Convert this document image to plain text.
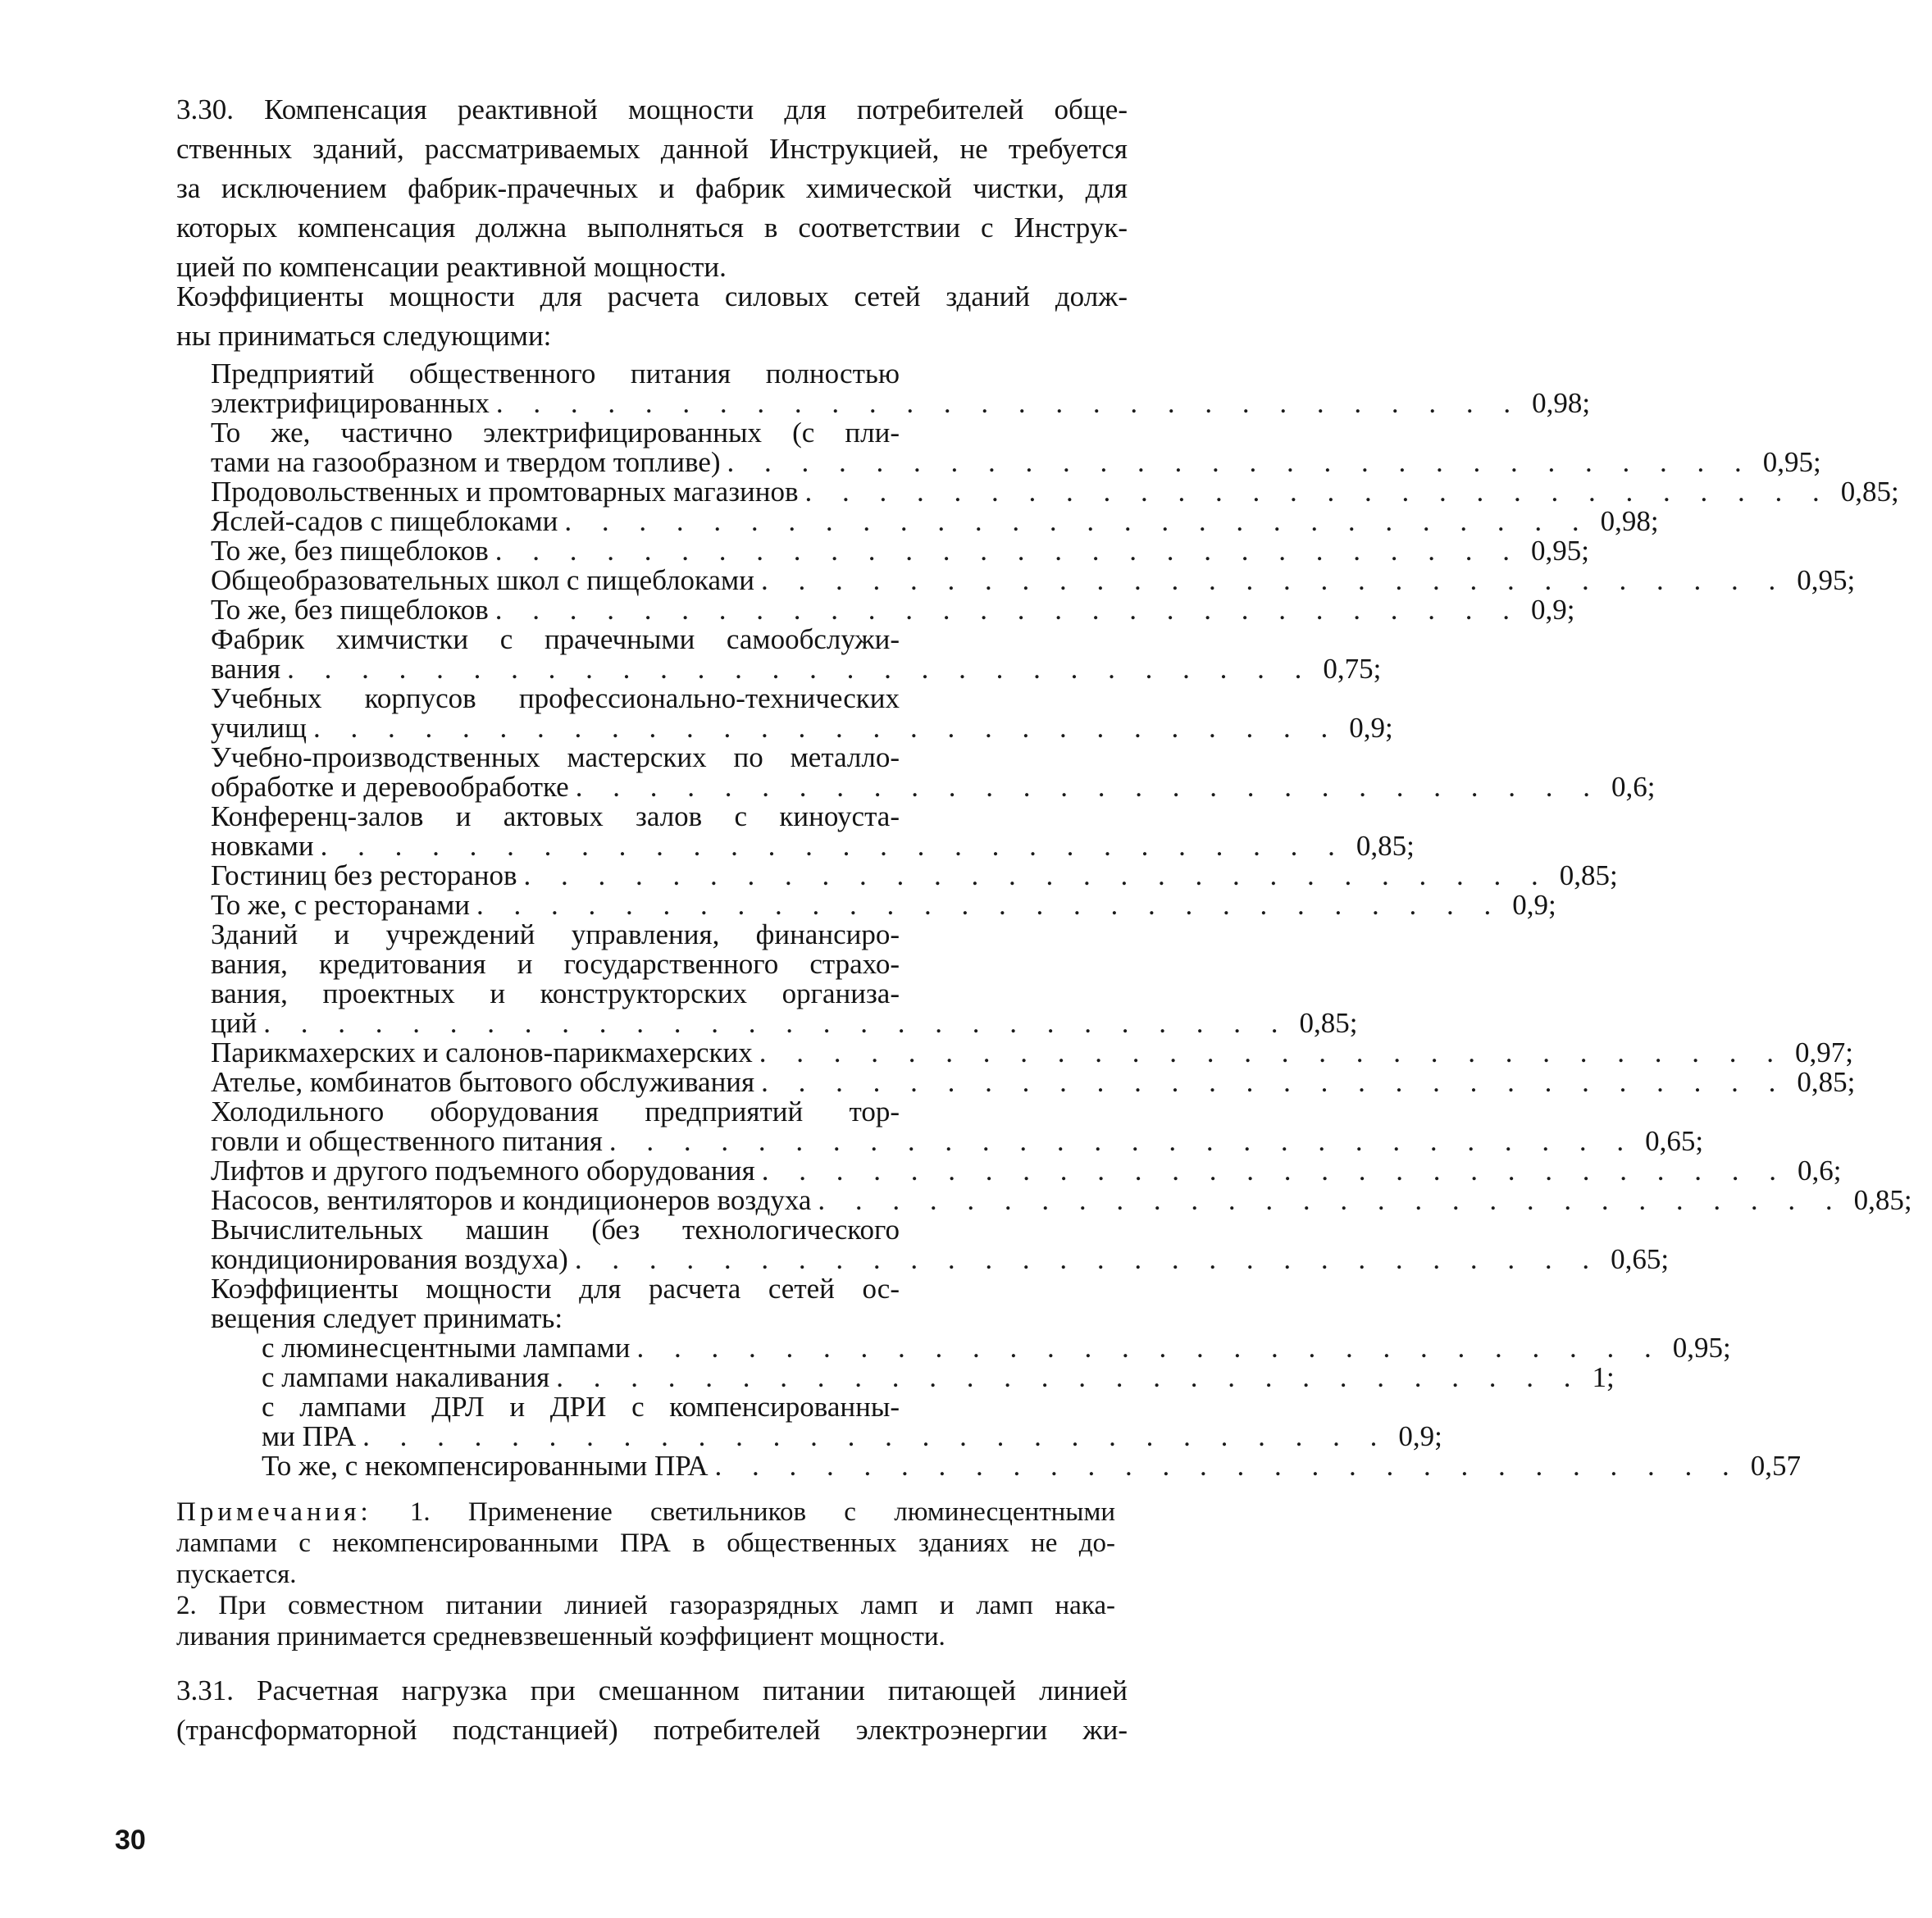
3.30. Компенсация реактивной мощности для потребителей обще-
ственных зданий, рассматриваемых данной Инструкцией, не требуется
за исключением фабрик-прачечных и фабрик химической чистки, для
которых компенсация должна выполняться в соответствии с Инструк-
цией по компенсации реактивной мощности.
Коэффициенты мощности для расчета силовых сетей зданий долж-
ны приниматься следующими:
Предприятий общественного питания полностью
электрифицированных . . . . . . . . . . . . . . . . . . . . . . . . . . . . 0,98;
То же, частично электрифицированных (с пли-
тами на газообразном и твердом топливе) . . . . . . . . . . . . . . . . . . . . . . . . . . . . 0,95;
Продовольственных и промтоварных магазинов . . . . . . . . . . . . . . . . . . . . . . . . . . . . 0,85;
Яслей-садов с пищеблоками . . . . . . . . . . . . . . . . . . . . . . . . . . . . 0,98;
То же, без пищеблоков . . . . . . . . . . . . . . . . . . . . . . . . . . . . 0,95;
Общеобразовательных школ с пищеблоками . . . . . . . . . . . . . . . . . . . . . . . . . . . . 0,95;
То же, без пищеблоков . . . . . . . . . . . . . . . . . . . . . . . . . . . . 0,9;
Фабрик химчистки с прачечными самообслужи-
вания . . . . . . . . . . . . . . . . . . . . . . . . . . . . 0,75;
Учебных корпусов профессионально-технических
училищ . . . . . . . . . . . . . . . . . . . . . . . . . . . . 0,9;
Учебно-производственных мастерских по металло-
обработке и деревообработке . . . . . . . . . . . . . . . . . . . . . . . . . . . . 0,6;
Конференц-залов и актовых залов с киноуста-
новками . . . . . . . . . . . . . . . . . . . . . . . . . . . . 0,85;
Гостиниц без ресторанов . . . . . . . . . . . . . . . . . . . . . . . . . . . . 0,85;
То же, с ресторанами . . . . . . . . . . . . . . . . . . . . . . . . . . . . 0,9;
Зданий и учреждений управления, финансиро-
вания, кредитования и государственного страхо-
вания, проектных и конструкторских организа-
ций . . . . . . . . . . . . . . . . . . . . . . . . . . . . 0,85;
Парикмахерских и салонов-парикмахерских . . . . . . . . . . . . . . . . . . . . . . . . . . . . 0,97;
Ателье, комбинатов бытового обслуживания . . . . . . . . . . . . . . . . . . . . . . . . . . . . 0,85;
Холодильного оборудования предприятий тор-
говли и общественного питания . . . . . . . . . . . . . . . . . . . . . . . . . . . . 0,65;
Лифтов и другого подъемного оборудования . . . . . . . . . . . . . . . . . . . . . . . . . . . . 0,6;
Насосов, вентиляторов и кондиционеров воздуха . . . . . . . . . . . . . . . . . . . . . . . . . . . . 0,85;
Вычислительных машин (без технологического
кондиционирования воздуха) . . . . . . . . . . . . . . . . . . . . . . . . . . . . 0,65;
Коэффициенты мощности для расчета сетей ос-
вещения следует принимать:
с люминесцентными лампами . . . . . . . . . . . . . . . . . . . . . . . . . . . . 0,95;
с лампами накаливания . . . . . . . . . . . . . . . . . . . . . . . . . . . . 1;
с лампами ДРЛ и ДРИ с компенсированны-
ми ПРА . . . . . . . . . . . . . . . . . . . . . . . . . . . . 0,9;
То же, с некомпенсированными ПРА . . . . . . . . . . . . . . . . . . . . . . . . . . . . 0,57
Примечания: 1. Применение светильников с люминесцентными
лампами с некомпенсированными ПРА в общественных зданиях не до-
пускается.
2. При совместном питании линией газоразрядных ламп и ламп нака-
ливания принимается средневзвешенный коэффициент мощности.
3.31. Расчетная нагрузка при смешанном питании питающей линией
(трансформаторной подстанцией) потребителей электроэнергии жи-
30
